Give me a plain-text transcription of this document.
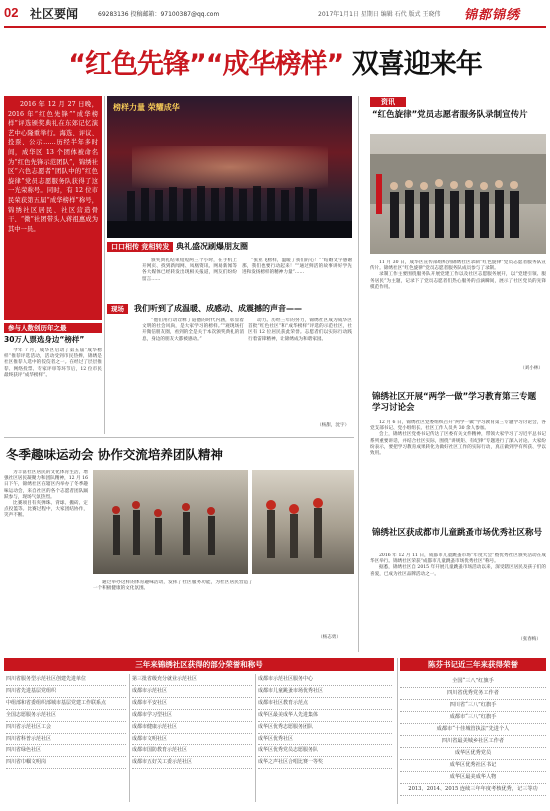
02 社区要闻	69283136 投稿邮箱：97100387@qq.com	2017年1月1日 星期日 编辑 石代 版式 王晓伟 锦都锦绣
“红色先锋”“成华榜样” 双喜迎来年
2016 年 12 月 27 日晚，2016 年“红色先锋”“成华榜样”评选颁奖典礼在东郊记忆演艺中心隆重举行。海选、评议、投票、公示……历经半年多时间，成华区 13 个团体被命名为“红色先锋示范团队”，锦绣社区“六色志愿者”团队中的“红色旋律”党员志愿服务队获得了这一光荣称号。同时，有 12 位市民荣获第五届“成华榜样”称号，锦绣社区居民、社区营造骨干、“微”社团带头人蒋祖惠成为其中一员。
榜样力量 荣耀成华
口口相传 竞相转发 典礼盛况刷爆朋友圈

颁奖典礼结束短短两三个小时，在手机上开网页、找到新闻网、凤凰资讯、网易新闻等各大媒体已经转发出现相关报道，网友们纷纷留言……

“张亚飞榜样，温暖了我们的心！”“结婚文字感谢那，我们也要行动起来！”“通过鲜活的故事讲好学先进和发扬榜样的精神力量”……

现场	我们听到了成温暖、成感动、成震撼的声音——

“他们用行动诠释了道德的时代内涵，彰显着文明的社会风尚，是大家学习的榜样。”“观现场打开微信朋友圈，看到的全是关于本次颁奖典礼的消息，身边的朋友大都被感动。”

动力。历经三年的努力，锦绣社区成为成华区首批“红色社区”和“成华榜样”评选的示范社区，社区有 12 位居民获此荣誉。志愿者们以实际行动践行着雷锋精神，让锦绣成为和谐家园。

（杨甜，沈宇）
参与人数创历年之最
30万人票选身边“榜样”

今年 7 月，成华区启动了第五届“成华榜样”推荐评选活动，活动受到市民热捧，锦绣是社区推荐人选中的佼佼者之一。在经过了层层推荐、网络投票、专家评审等环节后，12 位市民最终获评“成华榜样”。

冬季趣味运动会 协作交流培养团队精神

为丰富社区居民的文化体育生活，增强社区居民凝聚力和团队精神，12 月 16 日下午，锦绣社区在辖区内举办了冬季趣味运动会，来自社区的各个志愿者团队踊跃参与，现场气氛热烈。

比赛项目有夹弹珠、背球、搬砖、定点投篮等。比赛过程中，大家团结协作，笑声不断。

通过举办这样的体育趣味活动，发挥了社区服务功能，为社区居民营造了一个积极健康的文化氛围。

（杨志勇）
资讯
“红色旋律”党员志愿者服务队录制宣传片

11 月 30 日，成华区宣传部组织到锦绣社区录制“红色旋律”党员志愿者服务队宣传片。锦绣社区“红色旋律”党员志愿者服务队成员参与了录制。

录制工作主要围绕服务队开展党建工作以及社区志愿服务展开，以“党建引领、服务居民”为主题，记录下了党员志愿者们热心服务的点滴瞬间，展示了社区党员的先锋模范作用。

（刘小林）
锦绣社区开展“两学一做”学习教育第三专题学习讨论会

12 月 6 日，锦绣社区党委组织召开“两学一做”学习教育第三专题学习讨论会，各党支部书记、党小组组长、社区工作人员共 30 余人参加。

会上，锦绣社区党委书记传达了区委有关文件精神，带领大家学习了习近平总书记系列重要讲话，并结合社区实际，围绕“讲规矩、有纪律”专题进行了深入讨论。大家纷纷表示，要把学习教育成果转化为做好社区工作的实际行动，真正做到学有所获、学以致用。

锦绣社区获成都市儿童跳蚤市场优秀社区称号

2016 年 12 月 11 日，成都市儿童跳蚤市场“年度大会”暨优秀社区颁奖活动在成华区举行。锦绣社区荣获“成都市儿童跳蚤市场优秀社区”称号。

据悉，锦绣社区自 2015 年开展儿童跳蚤市场活动以来，深受辖区居民及孩子们的喜爱，已成为社区品牌活动之一。

（张春梅）
三年来锦绣社区获得的部分荣誉和称号
四川省服务型示范社区创建先进单位
四川省先进基层党组织
中组部和省委组织部城市基层党建工作联系点
全国志愿服务示范社区
四川省示范社区工会
四川省科普示范社区
四川省绿色社区
四川省巾帼文明岗
第三批省级充分就业示范社区
成都市示范社区
成都市平安社区
成都市学习型社区
成都市健康示范社区
成都市文明社区
成都市国防教育示范社区
成都市五好关工委示范社区
成都市示范社区服务中心
成都市儿童跳蚤市场优秀社区
成都市社区教育示范点
成华区最美成华人先进集体
成华区优秀志愿服务团队
成华区优秀社区
成华区优秀党员志愿服务队
成华之声社区合唱比赛一等奖
陈芬书记近三年来获得荣誉
全国“三八”红旗手
四川省优秀党务工作者
四川省“三八”红旗手
成都市“三八”红旗手
成都市“十佳城管执法”先进个人
四川省最美城乡社区工作者
成华区优秀党员
成华区优秀社区书记
成华区最美成华人物
2013、2014、2015 连续三年年度考核优秀，记三等功
